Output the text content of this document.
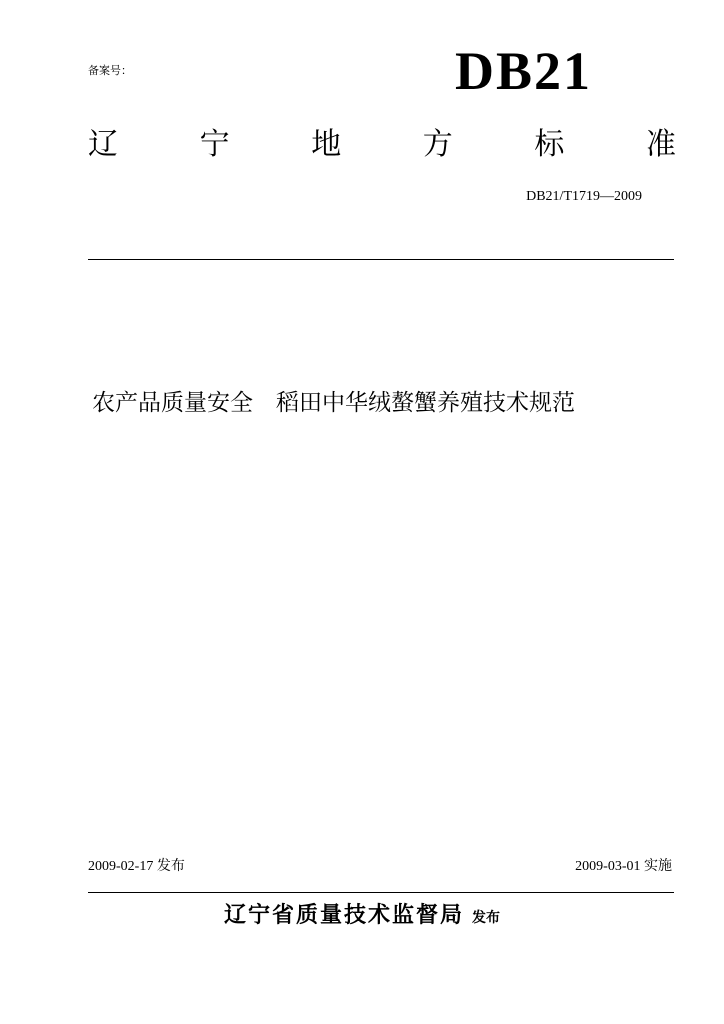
备案号：	DB21
辽	宁	地	方	标	准
DB21/T1719—2009
农产品质量安全　稻田中华绒螯蟹养殖技术规范
2009-02-17 发布	2009-03-01 实施
辽宁省质量技术监督局 发布
